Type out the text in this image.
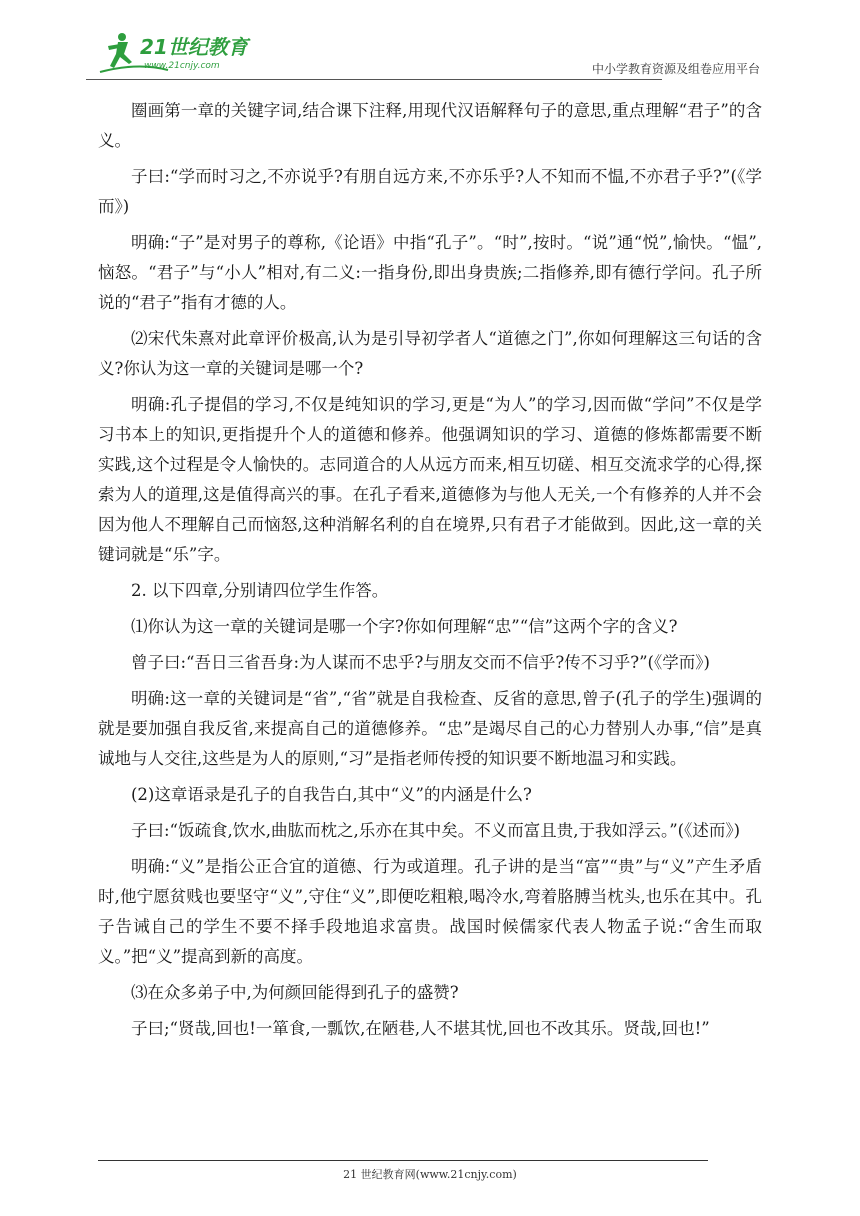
21世纪教育
www.21cnjy.com	中小学教育资源及组卷应用平台

圈画第一章的关键字词,结合课下注释,用现代汉语解释句子的意思,重点理解“君子”的含义。

子曰:“学而时习之,不亦说乎?有朋自远方来,不亦乐乎?人不知而不愠,不亦君子乎?”(《学而》)

明确:“子”是对男子的尊称,《论语》中指“孔子”。“时”,按时。“说”通“悦”,愉快。“愠”,恼怒。“君子”与“小人”相对,有二义:一指身份,即出身贵族;二指修养,即有德行学问。孔子所说的“君子”指有才德的人。

⑵宋代朱熹对此章评价极高,认为是引导初学者人“道德之门”,你如何理解这三句话的含义?你认为这一章的关键词是哪一个?

明确:孔子提倡的学习,不仅是纯知识的学习,更是“为人”的学习,因而做“学问”不仅是学习书本上的知识,更指提升个人的道德和修养。他强调知识的学习、道德的修炼都需要不断实践,这个过程是令人愉快的。志同道合的人从远方而来,相互切磋、相互交流求学的心得,探索为人的道理,这是值得高兴的事。在孔子看来,道德修为与他人无关,一个有修养的人并不会因为他人不理解自己而恼怒,这种消解名利的自在境界,只有君子才能做到。因此,这一章的关键词就是“乐”字。

2. 以下四章,分别请四位学生作答。

⑴你认为这一章的关键词是哪一个字?你如何理解“忠”“信”这两个字的含义?

曾子曰:“吾日三省吾身:为人谋而不忠乎?与朋友交而不信乎?传不习乎?”(《学而》)

明确:这一章的关键词是“省”,“省”就是自我检查、反省的意思,曾子(孔子的学生)强调的就是要加强自我反省,来提高自己的道德修养。“忠”是竭尽自己的心力替别人办事,“信”是真诚地与人交往,这些是为人的原则,“习”是指老师传授的知识要不断地温习和实践。

(2)这章语录是孔子的自我告白,其中“义”的内涵是什么?

子曰:“饭疏食,饮水,曲肱而枕之,乐亦在其中矣。不义而富且贵,于我如浮云。”(《述而》)

明确:“义”是指公正合宜的道德、行为或道理。孔子讲的是当“富”“贵”与“义”产生矛盾时,他宁愿贫贱也要坚守“义”,守住“义”,即便吃粗粮,喝冷水,弯着胳膊当枕头,也乐在其中。孔子告诫自己的学生不要不择手段地追求富贵。战国时候儒家代表人物孟子说:“舍生而取义。”把“义”提高到新的高度。

⑶在众多弟子中,为何颜回能得到孔子的盛赞?

子曰;“贤哉,回也!一箪食,一瓢饮,在陋巷,人不堪其忧,回也不改其乐。贤哉,回也!”

21 世纪教育网(www.21cnjy.com)
